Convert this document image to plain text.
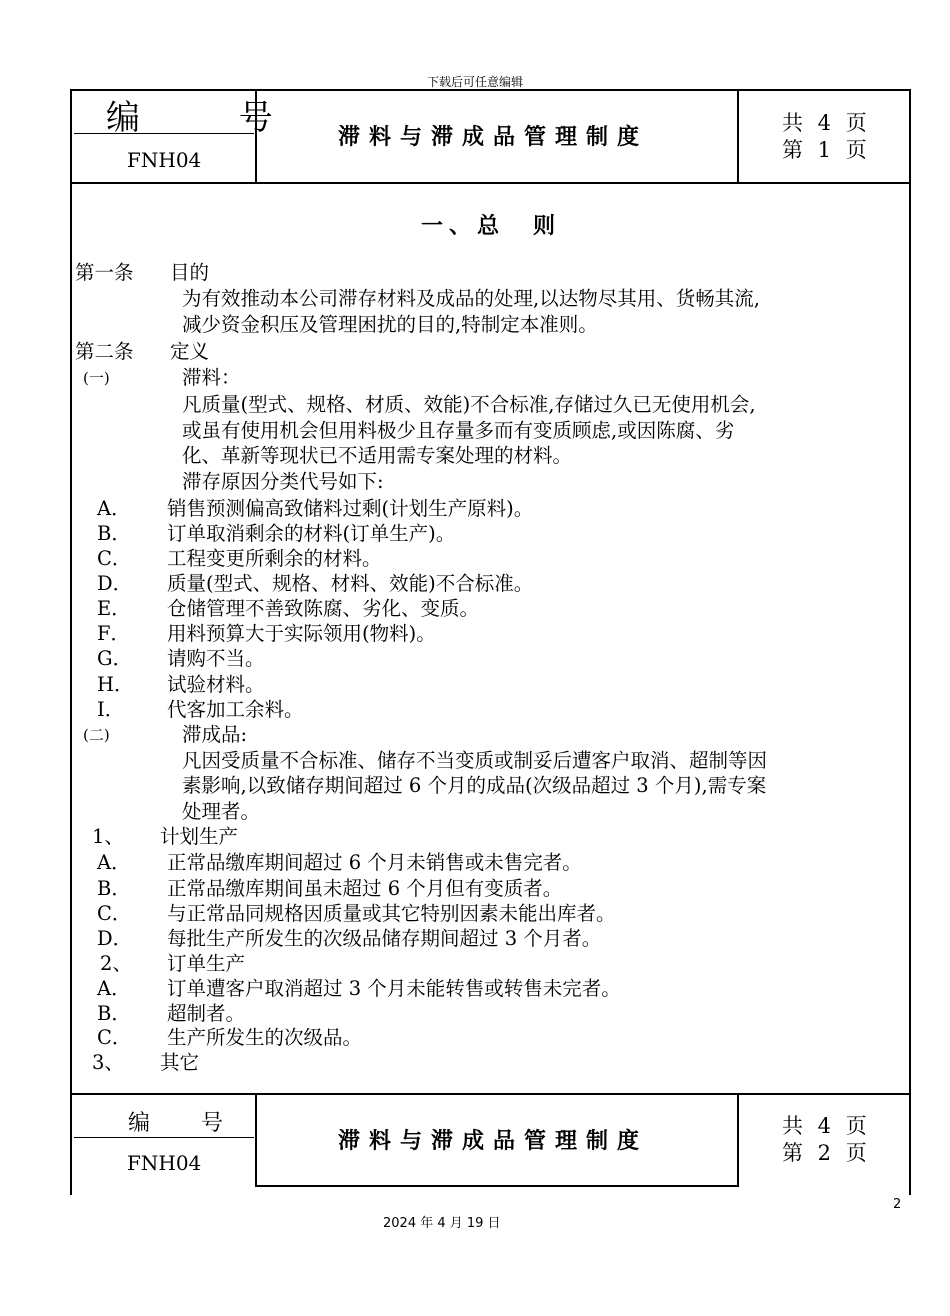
下载后可任意编辑
编 号
FNH04
滞料与滞成品管理制度
共 4 页
第 1 页
一、总　则
第一条 目的
为有效推动本公司滞存材料及成品的处理,以达物尽其用、货畅其流,
减少资金积压及管理困扰的目的,特制定本准则。
第二条 定义
(一)	滞料：
凡质量(型式、规格、材质、效能)不合标准,存储过久已无使用机会,
或虽有使用机会但用料极少且存量多而有变质顾虑,或因陈腐、劣
化、革新等现状已不适用需专案处理的材料。
滞存原因分类代号如下:
A． 销售预测偏高致储料过剩(计划生产原料)。
B． 订单取消剩余的材料(订单生产)。
C． 工程变更所剩余的材料。
D． 质量(型式、规格、材料、效能)不合标准。
E． 仓储管理不善致陈腐、劣化、变质。
F． 用料预算大于实际领用(物料)。
G． 请购不当。
H． 试验材料。
I． 代客加工余料。
(二)	滞成品:
凡因受质量不合标准、储存不当变质或制妥后遭客户取消、超制等因
素影响,以致储存期间超过 6 个月的成品(次级品超过 3 个月),需专案
处理者。
1、 计划生产
A． 正常品缴库期间超过 6 个月未销售或未售完者。
B． 正常品缴库期间虽未超过 6 个月但有变质者。
C． 与正常品同规格因质量或其它特别因素未能出库者。
D． 每批生产所发生的次级品储存期间超过 3 个月者。
2、 订单生产
A． 订单遭客户取消超过 3 个月未能转售或转售未完者。
B． 超制者。
C． 生产所发生的次级品。
3、 其它
编 号
FNH04
滞料与滞成品管理制度
共 4 页
第 2 页
2
2024 年 4 月 19 日
